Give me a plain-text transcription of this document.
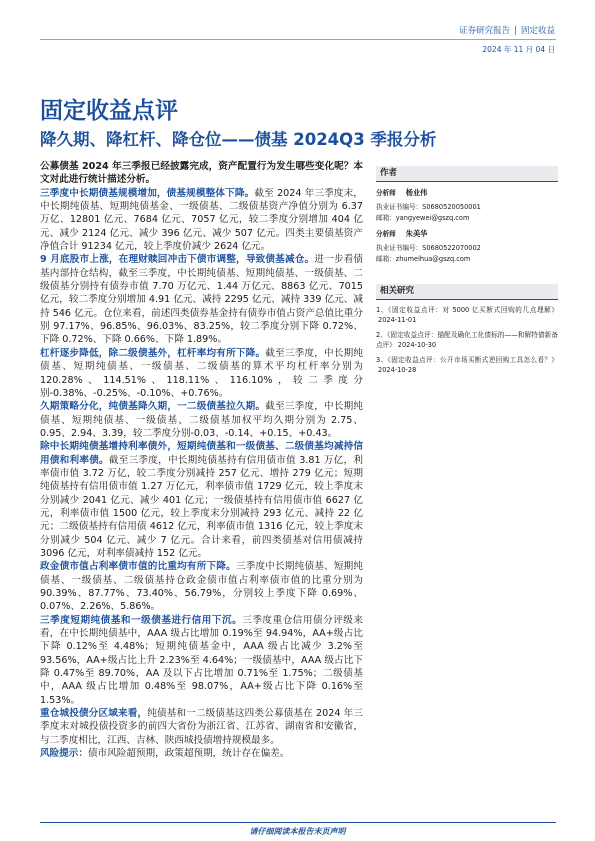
证券研究报告 | 固定收益
2024 年 11 月 04 日
固定收益点评
降久期、降杠杆、降仓位——债基 2024Q3 季报分析

公募债基 2024 年三季报已经披露完成，资产配置行为发生哪些变化呢？本文对此进行统计描述分析。

三季度中长期债基规模增加，债基规模整体下降。截至 2024 年三季度末，中长期纯债基、短期纯债基金、一级债基、二级债基资产净值分别为 6.37 万亿、12801 亿元、7684 亿元、7057 亿元，较二季度分别增加 404 亿元、减少 2124 亿元、减少 396 亿元、减少 507 亿元。四类主要债基资产净值合计 91234 亿元，较上季度价减少 2624 亿元。

9 月底股市上涨，在理财赎回冲击下债市调整，导致债基减仓。进一步看债基内部持仓结构，截至三季度，中长期纯债基、短期纯债基、一级债基、二级债基分别持有债券市值 7.70 万亿元、1.44 万亿元、8863 亿元、7015 亿元，较二季度分别增加 4.91 亿元、减持 2295 亿元、减持 339 亿元、减持 546 亿元。仓位来看，前述四类债券基金持有债券市值占资产总值比重分别 97.17%、96.85%、96.03%、83.25%，较二季度分别下降 0.72%、下降 0.72%、下降 0.66%、下降 1.89%。

杠杆逐步降低，除二级债基外，杠杆率均有所下降。截至三季度，中长期纯债基、短期纯债基、一级债基、二级债基的算术平均杠杆率分别为 120.28%、114.51%、118.11%、116.10%，较二季度分别-0.38%、-0.25%、-0.10%、+0.76%。

久期策略分化，纯债基降久期，一二级债基拉久期。截至三季度，中长期纯债基、短期纯债基、一级债基、二级债基加权平均久期分别为 2.75、0.95、2.94、3.39，较二季度分别-0.03、-0.14、+0.15、+0.43。

除中长期纯债基增持利率债外，短期纯债基和一级债基、二级债基均减持信用债和利率债。截至三季度，中长期纯债基持有信用债市值 3.81 万亿，利率债市值 3.72 万亿，较二季度分别减持 257 亿元、增持 279 亿元；短期纯债基持有信用债市值 1.27 万亿元，利率债市值 1729 亿元，较上季度末分别减少 2041 亿元、减少 401 亿元；一级债基持有信用债市值 6627 亿元，利率债市值 1500 亿元，较上季度末分别减持 293 亿元、减持 22 亿元；二级债基持有信用债 4612 亿元，利率债市值 1316 亿元，较上季度末分别减少 504 亿元、减少 7 亿元。合计来看，前四类债基对信用债减持 3096 亿元，对利率债减持 152 亿元。

政金债市值占利率债市值的比重均有所下降。三季度中长期纯债基、短期纯债基、一级债基、二级债基持仓政金债市值占利率债市值的比重分别为 90.39%、87.77%、73.40%、56.79%，分别较上季度下降 0.69%、0.07%、2.26%、5.86%。

三季度短期纯债基和一级债基进行信用下沉。三季度重仓信用债分评级来看，在中长期纯债基中，AAA 级占比增加 0.19%至 94.94%，AA+级占比下降 0.12%至 4.48%；短期纯债基金中，AAA 级占比减少 3.2%至 93.56%，AA+级占比上升 2.23%至 4.64%；一级债基中，AAA 级占比下降 0.47%至 89.70%，AA 及以下占比增加 0.71%至 1.75%；二级债基中，AAA 级占比增加 0.48%至 98.07%，AA+级占比下降 0.16%至 1.53%。

重仓城投债分区域来看，纯债基和一二级债基这四类公募债基在 2024 年三季度末对城投债投资多的前四大省份为浙江省、江苏省、湖南省和安徽省，与二季度相比，江西、吉林、陕西城投债增持规模最多。

风险提示：债市风险超预期，政策超预期，统计存在偏差。

作者
分析师 杨业伟
执业证书编号：S0680520050001
邮箱：yangyewei@gszq.com
分析师 朱美华
执业证书编号：S0680522070002
邮箱：zhumeihua@gszq.com
相关研究
1、《固定收益点评：对 5000 亿买断式回购的几点理解》2024-11-01
2、《固定收益点评：锚配及确化工化债标的——和解特债新备点评》 2024-10-30
3、《固定收益点评：公开市场买断式逆回购工具怎么看？》2024-10-28
请仔细阅读本报告末页声明
